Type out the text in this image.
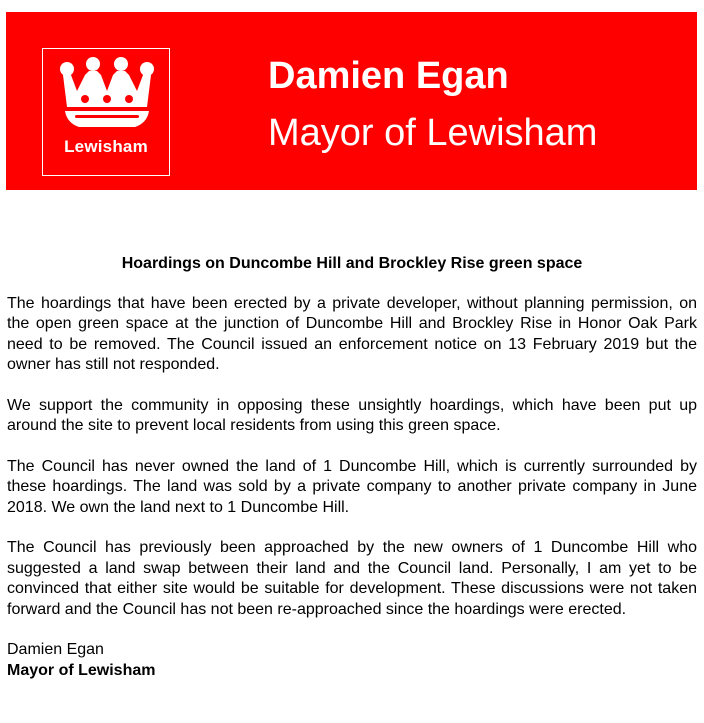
Lewisham
Damien Egan
Mayor of Lewisham
Hoardings on Duncombe Hill and Brockley Rise green space

The hoardings that have been erected by a private developer, without planning permission, on the open green space at the junction of Duncombe Hill and Brockley Rise in Honor Oak Park need to be removed. The Council issued an enforcement notice on 13 February 2019 but the owner has still not responded.

We support the community in opposing these unsightly hoardings, which have been put up around the site to prevent local residents from using this green space.

The Council has never owned the land of 1 Duncombe Hill, which is currently surrounded by these hoardings. The land was sold by a private company to another private company in June 2018. We own the land next to 1 Duncombe Hill.

The Council has previously been approached by the new owners of 1 Duncombe Hill who suggested a land swap between their land and the Council land. Personally, I am yet to be convinced that either site would be suitable for development. These discussions were not taken forward and the Council has not been re-approached since the hoardings were erected.

Damien Egan

Mayor of Lewisham
